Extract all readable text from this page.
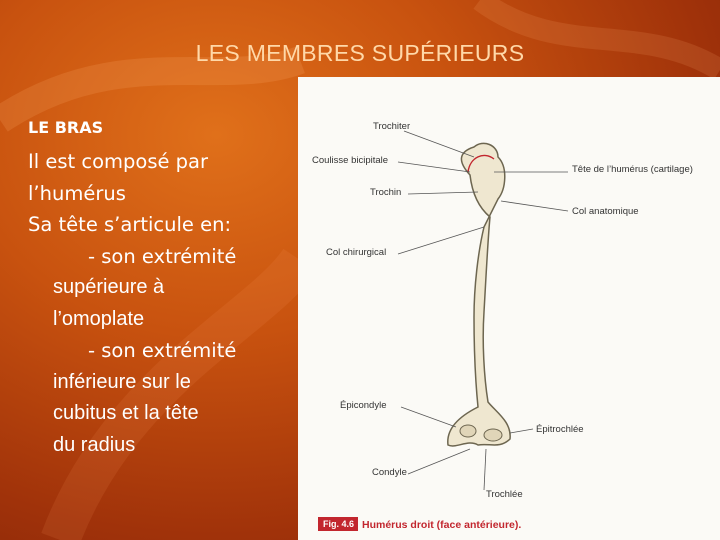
LES MEMBRES SUPÉRIEURS
LE BRAS
Il est composé par
l’humérus
Sa tête s’articule en:
- son extrémité
supérieure à
l’omoplate
- son extrémité
inférieure sur le
cubitus et la tête
du radius
Trochiter
Coulisse bicipitale
Trochin
Col chirurgical
Tête de l’humérus (cartilage)
Col anatomique
Épicondyle
Épitrochlée
Condyle
Trochlée
Fig. 4.6 Humérus droit (face antérieure).
